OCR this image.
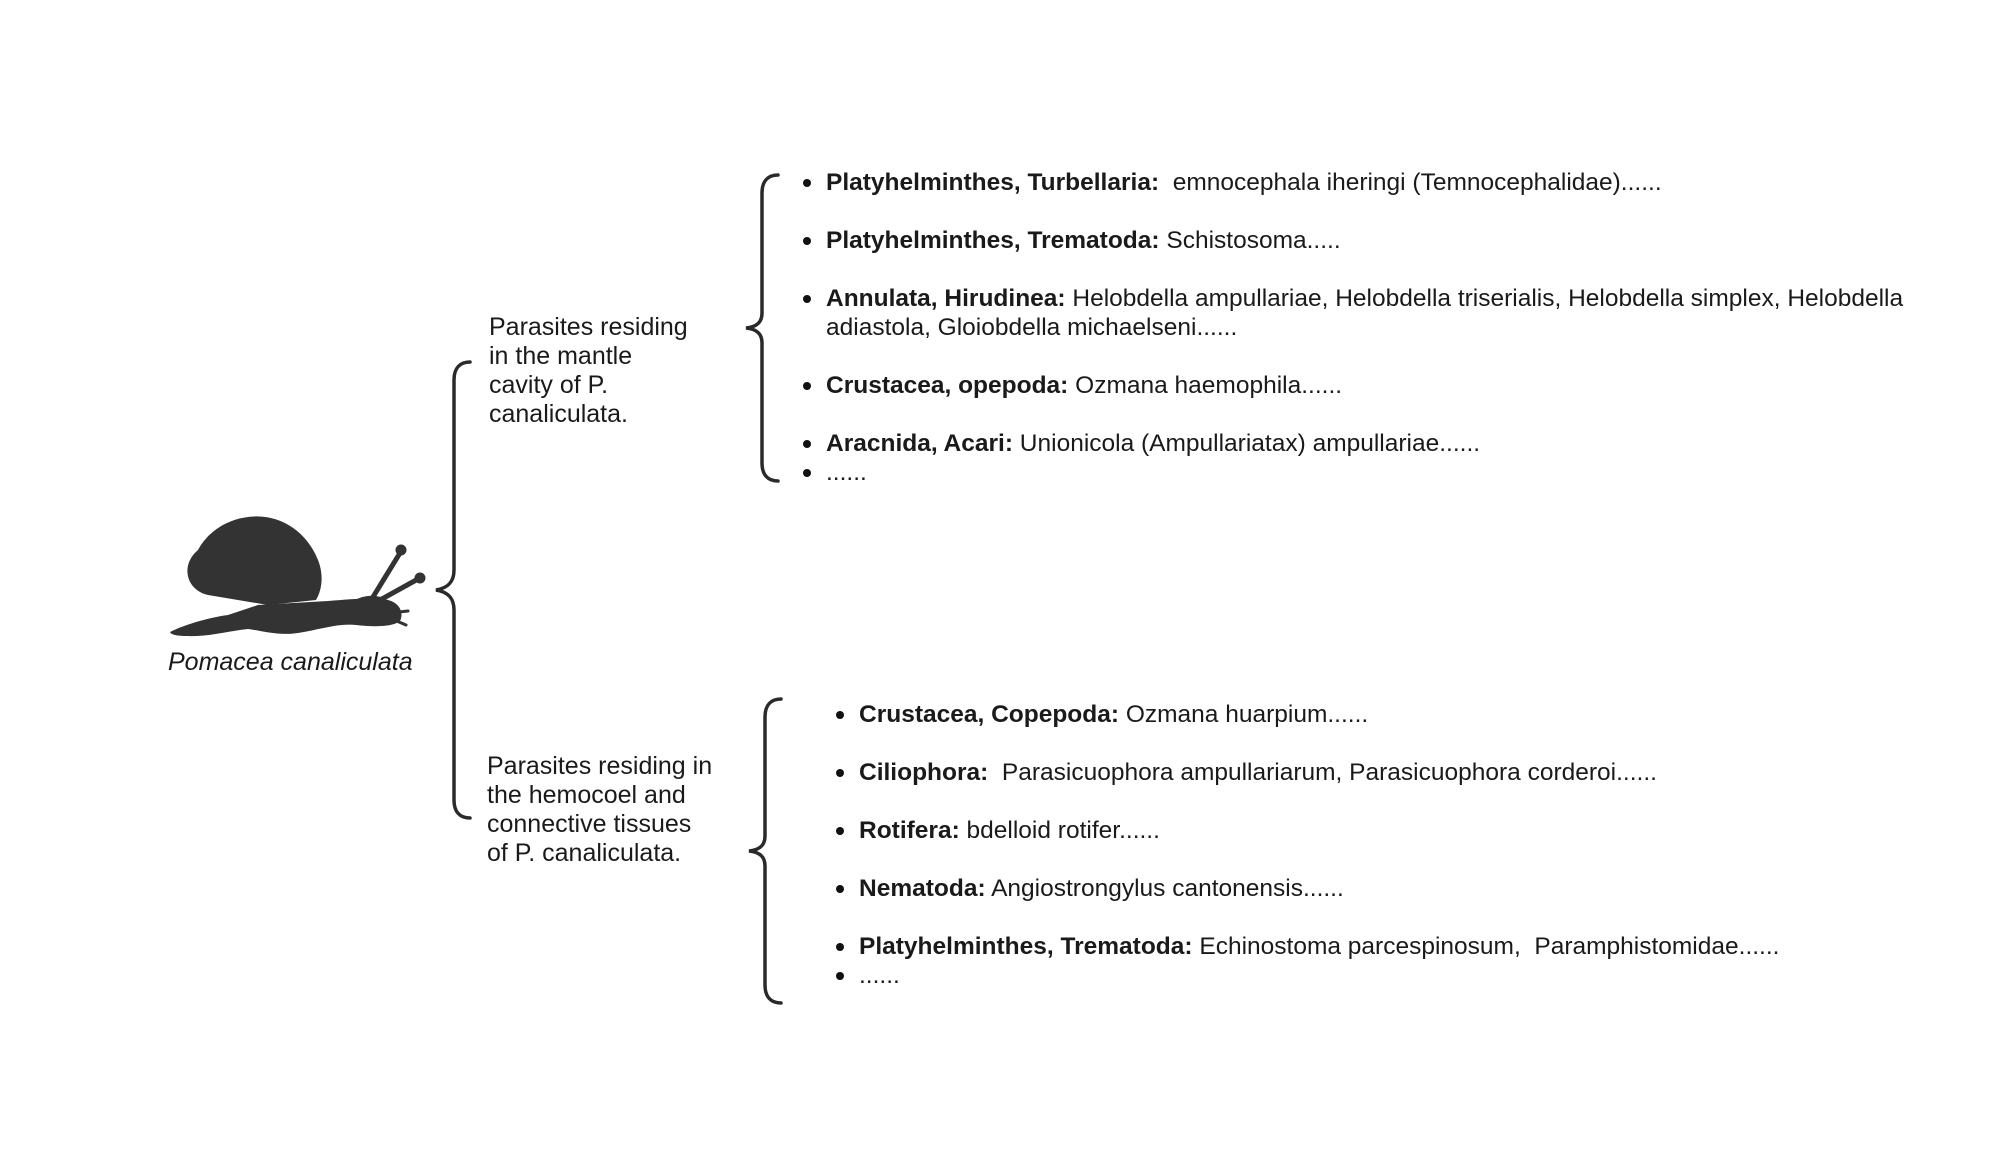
Pomacea canaliculata
Parasites residing
in the mantle
cavity of P.
canaliculata.
Parasites residing in
the hemocoel and
connective tissues
of P. canaliculata.
Platyhelminthes, Turbellaria:  emnocephala iheringi (Temnocephalidae)......
Platyhelminthes, Trematoda: Schistosoma.....
Annulata, Hirudinea: Helobdella ampullariae, Helobdella triserialis, Helobdella simplex, Helobdella adiastola, Gloiobdella michaelseni......
Crustacea, opepoda: Ozmana haemophila......
Aracnida, Acari: Unionicola (Ampullariatax) ampullariae......
......
Crustacea, Copepoda: Ozmana huarpium......
Ciliophora:  Parasicuophora ampullariarum, Parasicuophora corderoi......
Rotifera: bdelloid rotifer......
Nematoda: Angiostrongylus cantonensis......
Platyhelminthes, Trematoda: Echinostoma parcespinosum,  Paramphistomidae......
......
